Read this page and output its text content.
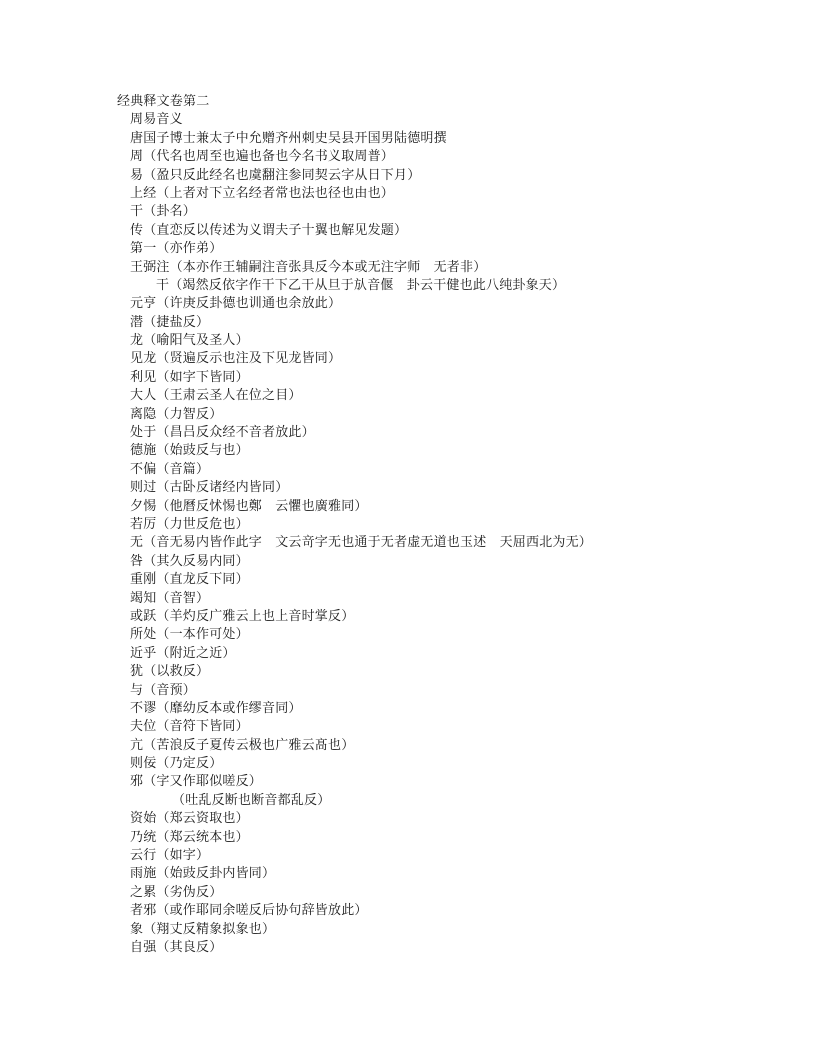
经典释文卷第二
周易音义
唐国子博士兼太子中允赠齐州刺史吴县开国男陆德明撰
周（代名也周至也遍也备也今名书义取周普）
易（盈只反此经名也虞翻注参同契云字从日下月）
上经（上者对下立名经者常也法也径也由也）
干（卦名）
传（直恋反以传述为义谓夫子十翼也解见发题）
第一（亦作弟）
王弼注（本亦作王辅嗣注音张具反今本或无注字师　无者非）
干（竭然反依字作干下乙干从旦于㫃音偃　卦云干健也此八纯卦象天）
元亨（许庚反卦德也训通也余放此）
潜（捷盐反）
龙（喻阳气及圣人）
见龙（贤遍反示也注及下见龙皆同）
利见（如字下皆同）
大人（王肃云圣人在位之目）
离隐（力智反）
处于（昌吕反众经不音者放此）
德施（始豉反与也）
不偏（音篇）
则过（古卧反诸经内皆同）
夕惕（他曆反怵惕也鄭　云懼也廣雅同）
若厉（力世反危也）
无（音无易内皆作此字　文云竒字无也通于无者虚无道也玉述　天屈西北为无）
咎（其久反易内同）
重刚（直龙反下同）
竭知（音智）
或跃（羊灼反广雅云上也上音时掌反）
所处（一本作可处）
近乎（附近之近）
犹（以救反）
与（音预）
不谬（靡幼反本或作缪音同）
夫位（音符下皆同）
亢（苦浪反子夏传云极也广雅云髙也）
则佞（乃定反）
邪（字又作耶似嗟反）
（吐乱反断也断音都乱反）
资始（郑云资取也）
乃统（郑云统本也）
云行（如字）
雨施（始豉反卦内皆同）
之累（劣伪反）
者邪（或作耶同余嗟反后协句辞皆放此）
象（翔丈反精象拟象也）
自强（其良反）
